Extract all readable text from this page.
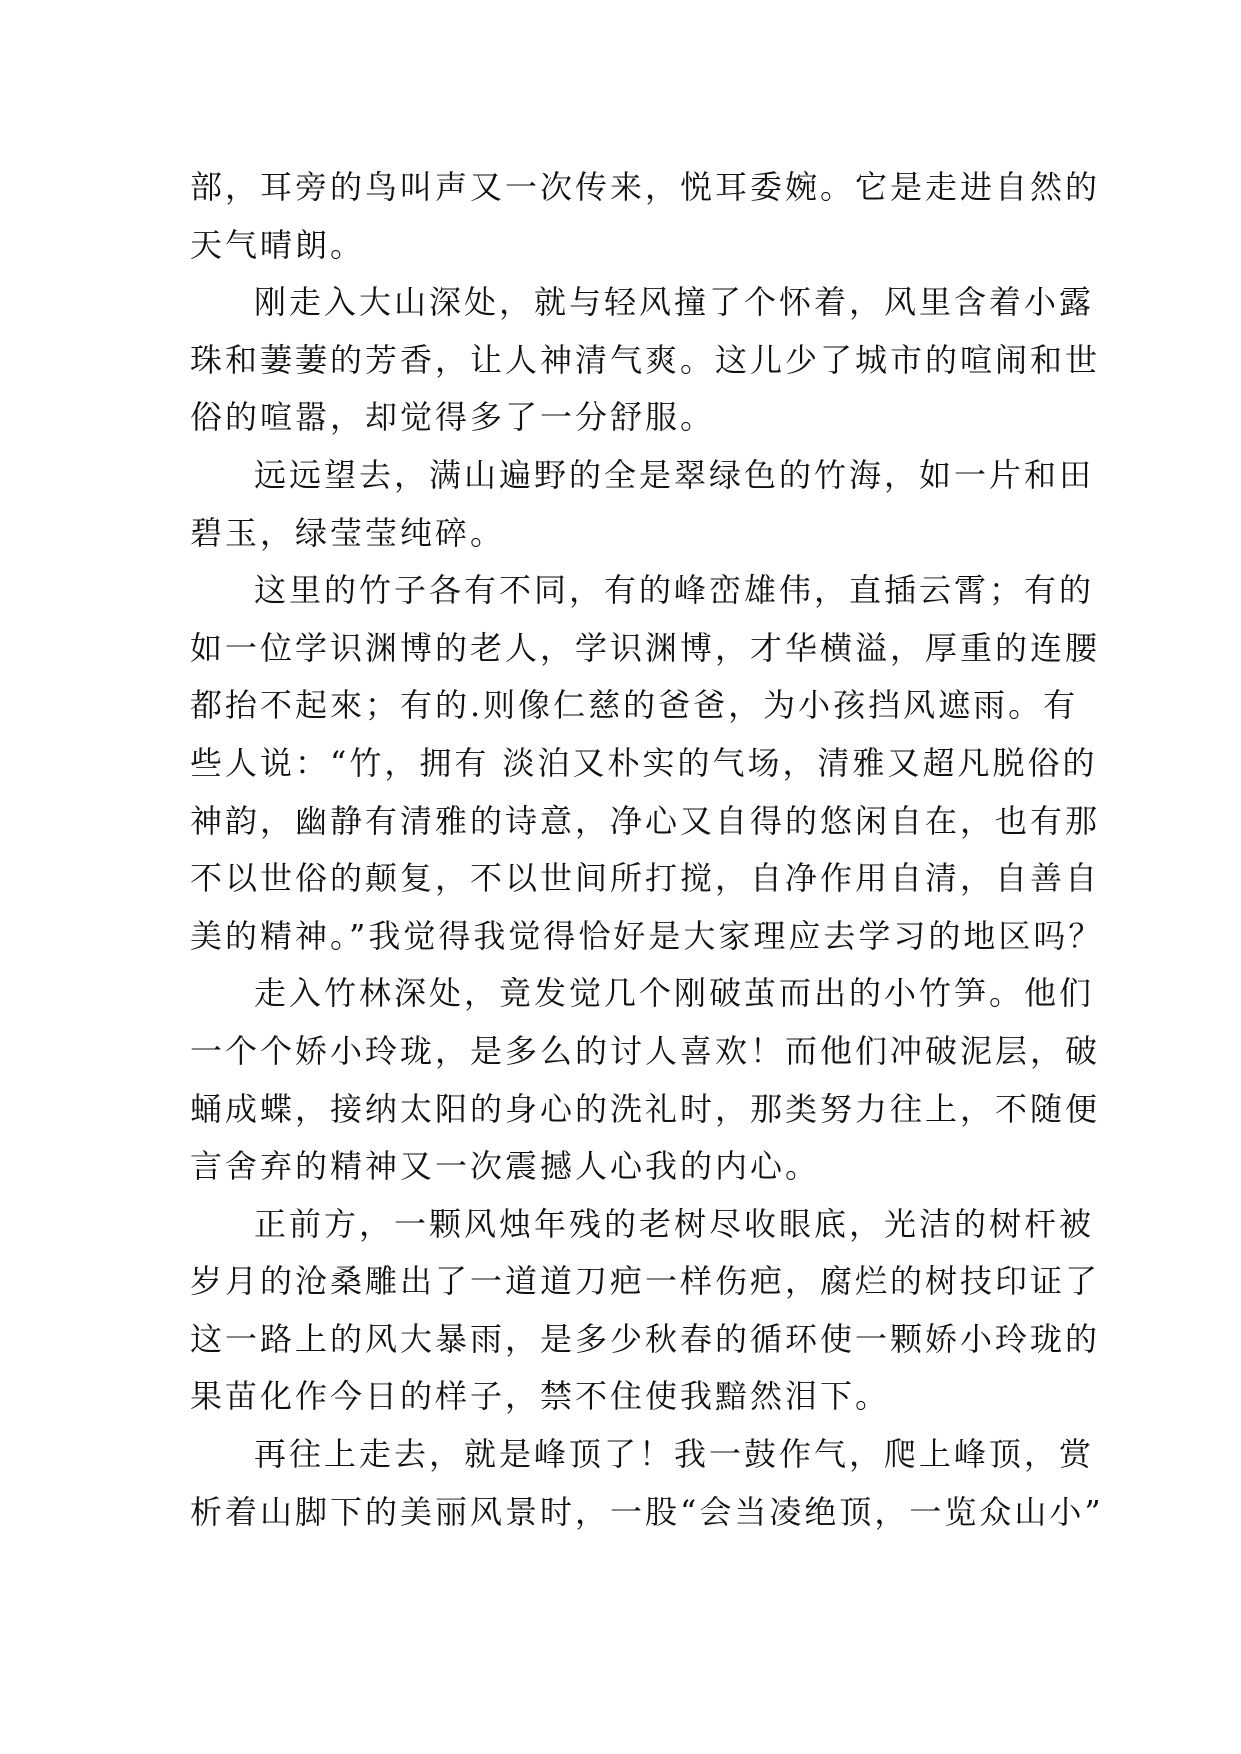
部，耳旁的鸟叫声又一次传来，悦耳委婉。它是走进自然的
天气晴朗。
刚走入大山深处，就与轻风撞了个怀着，风里含着小露
珠和萋萋的芳香，让人神清气爽。这儿少了城市的喧闹和世
俗的喧嚣，却觉得多了一分舒服。
远远望去，满山遍野的全是翠绿色的竹海，如一片和田
碧玉，绿莹莹纯碎。
这里的竹子各有不同，有的峰峦雄伟，直插云霄；有的
如一位学识渊博的老人，学识渊博，才华横溢，厚重的连腰
都抬不起來；有的.则像仁慈的爸爸，为小孩挡风遮雨。有
些人说：“竹，拥有 淡泊又朴实的气场，清雅又超凡脱俗的
神韵，幽静有清雅的诗意，净心又自得的悠闲自在，也有那
不以世俗的颠复，不以世间所打搅，自净作用自清，自善自
美的精神。”我觉得我觉得恰好是大家理应去学习的地区吗？
走入竹林深处，竟发觉几个刚破茧而出的小竹笋。他们
一个个娇小玲珑，是多么的讨人喜欢！而他们冲破泥层，破
蛹成蝶，接纳太阳的身心的洗礼时，那类努力往上，不随便
言舍弃的精神又一次震撼人心我的内心。
正前方，一颗风烛年残的老树尽收眼底，光洁的树杆被
岁月的沧桑雕出了一道道刀疤一样伤疤，腐烂的树技印证了
这一路上的风大暴雨，是多少秋春的循环使一颗娇小玲珑的
果苗化作今日的样子，禁不住使我黯然泪下。
再往上走去，就是峰顶了！我一鼓作气，爬上峰顶，赏
析着山脚下的美丽风景时，一股“会当凌绝顶，一览众山小”
